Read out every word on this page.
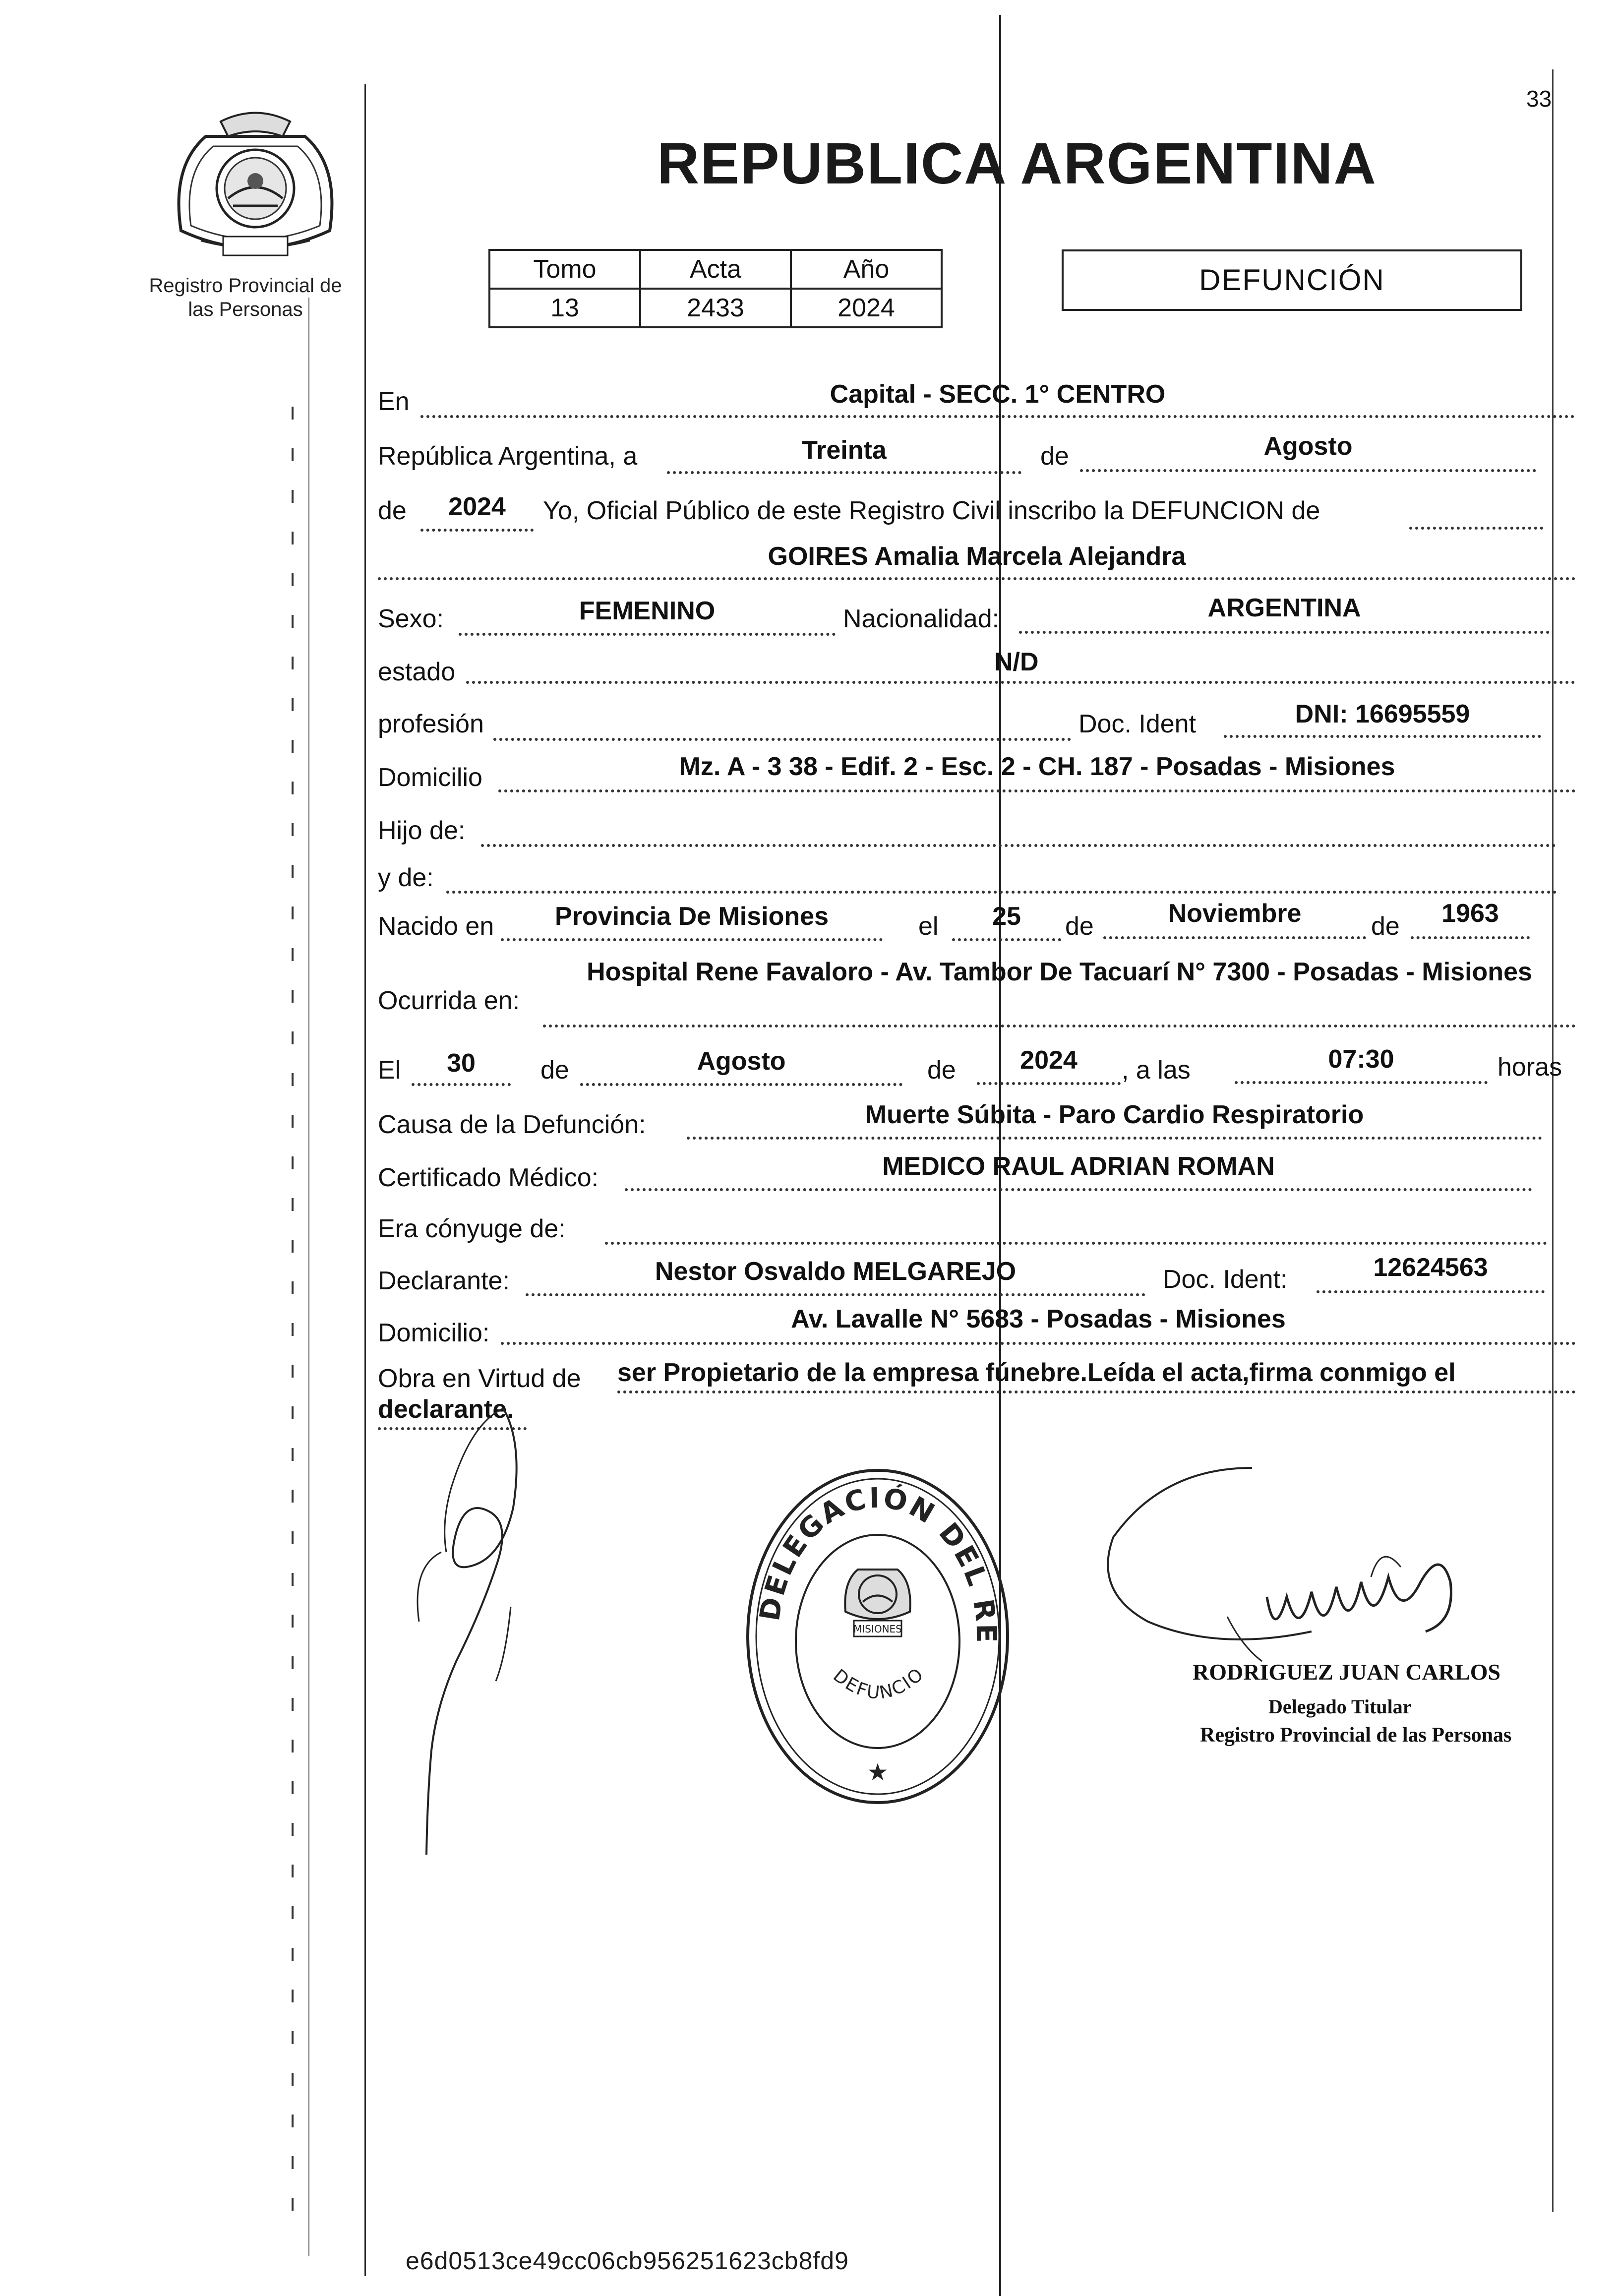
Registro Provincial de
las Personas
33
REPUBLICA ARGENTINA
Tomo	Acta	Año
13	2433	2024
DEFUNCIÓN
En	Capital - SECC. 1° CENTRO
República Argentina, a	Treinta	de	Agosto
de	2024	Yo, Oficial Público de este Registro Civil inscribo la DEFUNCION de
GOIRES Amalia Marcela Alejandra
Sexo:	FEMENINO	Nacionalidad:	ARGENTINA
estado	N/D
profesión	Doc. Ident	DNI: 16695559
Domicilio	Mz. A - 3 38 - Edif. 2 - Esc. 2 - CH. 187 - Posadas - Misiones
Hijo de:
y de:
Nacido en	Provincia De Misiones	el	25	de	Noviembre	de	1963
Ocurrida en:
Hospital Rene Favaloro - Av. Tambor De Tacuarí N° 7300 - Posadas - Misiones
El	30	de	Agosto	de	2024	, a las	07:30	horas
Causa de la Defunción:	Muerte Súbita - Paro Cardio Respiratorio
Certificado Médico:	MEDICO RAUL ADRIAN ROMAN
Era cónyuge de:
Declarante:	Nestor Osvaldo MELGAREJO	Doc. Ident:	12624563
Domicilio:	Av. Lavalle N° 5683 - Posadas - Misiones
Obra en Virtud de ser Propietario de la empresa fúnebre.Leída el acta,firma conmigo el
declarante.
DELEGACIÓN DEL RE
DEFUNCIO
MISIONES
★
RODRIGUEZ JUAN CARLOS
Delegado Titular
Registro Provincial de las Personas
e6d0513ce49cc06cb956251623cb8fd9
